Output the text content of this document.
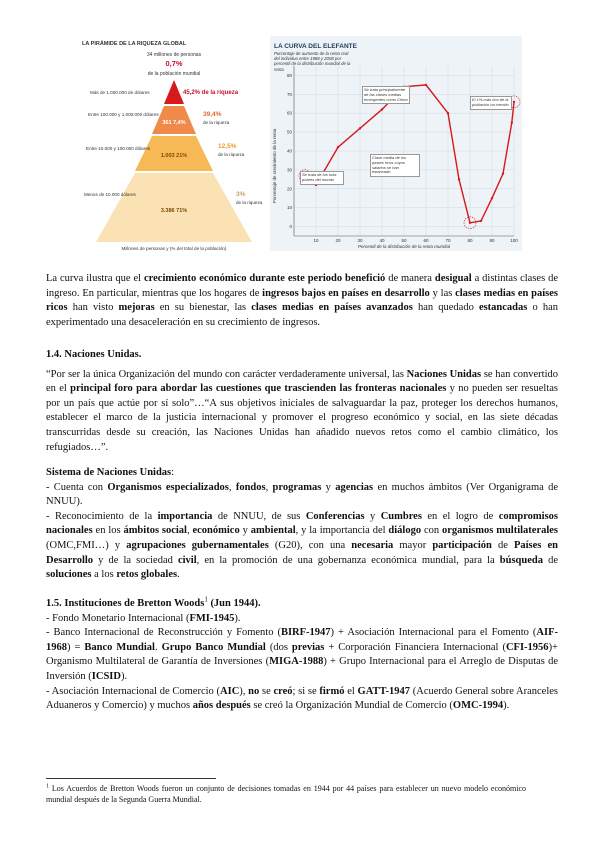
LA PIRÁMIDE DE LA RIQUEZA GLOBAL
34 millones de personas
0,7%
de la población mundial
Más de 1.000.000 de dólares
Entre 100.000 y 1.000.000 dólares
Entre 10.000 y 100.000 dólares
Menos de 10.000 dólares
361 7,4%
1.003 21%
3.386 71%
45,2% de la riqueza
39,4%
de la riqueza
12,5%
de la riqueza
3%
de la riqueza
Millones de personas y (% del total de la población)
LA CURVA DEL ELEFANTE
Porcentaje de aumento de la renta real del individuo entre 1988 y 2008 por percentil de la distribución mundial de la renta
0
10
20
30
40
50
60
70
80
10	20	30	40	50	60	70	80	90	100
Porcentaje de crecimiento de la renta
Percentil de la distribución de la renta mundial
Se trata de los más pobres del mundo
Se trata principalmente de las clases medias emergentes como China
Clase media de los países ricos cuyos salarios se han estancado
El 1% más rico de la población ha crecido

La curva ilustra que el crecimiento económico durante este periodo benefició de manera desigual a distintas clases de ingreso. En particular, mientras que los hogares de ingresos bajos en países en desarrollo y las clases medias en países ricos han visto mejoras en su bienestar, las clases medias en países avanzados han quedado estancadas o han experimentado una desaceleración en su crecimiento de ingresos.

1.4. Naciones Unidas.

“Por ser la única Organización del mundo con carácter verdaderamente universal, las Naciones Unidas se han convertido en el principal foro para abordar las cuestiones que trascienden las fronteras nacionales y no pueden ser resueltas por un país que actúe por sí solo”…“A sus objetivos iniciales de salvaguardar la paz, proteger los derechos humanos, establecer el marco de la justicia internacional y promover el progreso económico y social, en las siete décadas transcurridas desde su creación, las Naciones Unidas han añadido nuevos retos como el cambio climático, los refugiados…”.

Sistema de Naciones Unidas:

- Cuenta con Organismos especializados, fondos, programas y agencias en muchos ámbitos (Ver Organigrama de NNUU).

- Reconocimiento de la importancia de NNUU, de sus Conferencias y Cumbres en el logro de compromisos nacionales en los ámbitos social, económico y ambiental, y la importancia del diálogo con organismos multilaterales (OMC,FMI…) y agrupaciones gubernamentales (G20), con una necesaria mayor participación de Países en Desarrollo y de la sociedad civil, en la promoción de una gobernanza económica mundial, para la búsqueda de soluciones a los retos globales.

1.5. Instituciones de Bretton Woods$^1$ (Jun 1944).

- Fondo Monetario Internacional (FMI-1945).

- Banco Internacional de Reconstrucción y Fomento (BIRF-1947) + Asociación Internacional para el Fomento (AIF-1968) = Banco Mundial. Grupo Banco Mundial (dos previas + Corporación Financiera Internacional (CFI-1956)+ Organismo Multilateral de Garantía de Inversiones (MIGA-1988) + Grupo Internacional para el Arreglo de Disputas de Inversión (ICSID).

- Asociación Internacional de Comercio (AIC), no se creó; si se firmó el GATT-1947 (Acuerdo General sobre Aranceles Aduaneros y Comercio) y muchos años después se creó la Organización Mundial de Comercio (OMC-1994).

$^1$ Los Acuerdos de Bretton Woods fueron un conjunto de decisiones tomadas en 1944 por 44 países para establecer un nuevo modelo económico mundial después de la Segunda Guerra Mundial.
